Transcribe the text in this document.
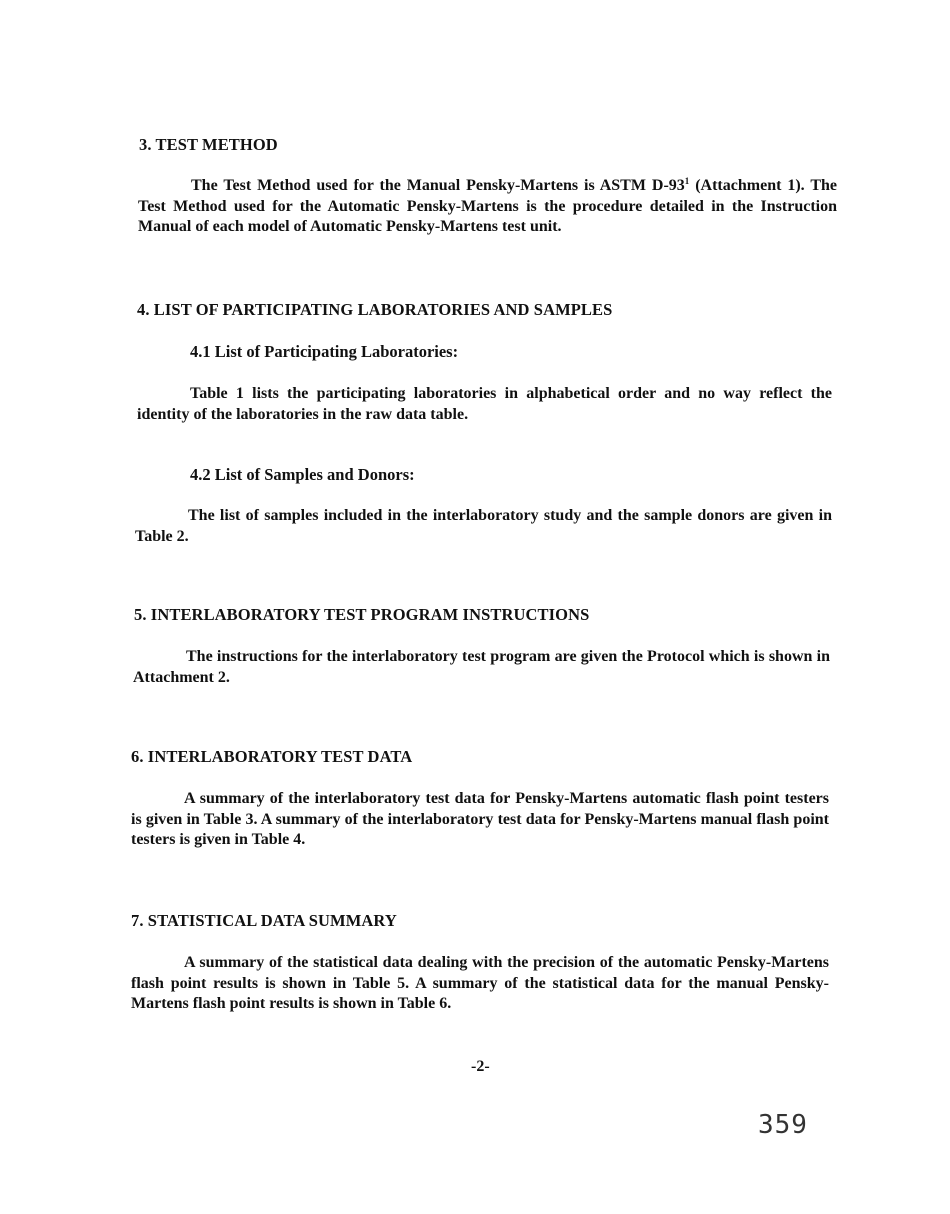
3. TEST METHOD
The Test Method used for the Manual Pensky-Martens is ASTM $D-93^1$ (Attachment 1). The Test Method used for the Automatic Pensky-Martens is the procedure detailed in the Instruction Manual of each model of Automatic Pensky-Martens test unit.
4. LIST OF PARTICIPATING LABORATORIES AND SAMPLES
4.1 List of Participating Laboratories:
Table 1 lists the participating laboratories in alphabetical order and no way reflect the identity of the laboratories in the raw data table.
4.2 List of Samples and Donors:
The list of samples included in the interlaboratory study and the sample donors are given in Table 2.
5. INTERLABORATORY TEST PROGRAM INSTRUCTIONS
The instructions for the interlaboratory test program are given the Protocol which is shown in Attachment 2.
6. INTERLABORATORY TEST DATA
A summary of the interlaboratory test data for Pensky-Martens automatic flash point testers is given in Table 3. A summary of the interlaboratory test data for Pensky-Martens manual flash point testers is given in Table 4.
7. STATISTICAL DATA SUMMARY
A summary of the statistical data dealing with the precision of the automatic Pensky-Martens flash point results is shown in Table 5. A summary of the statistical data for the manual Pensky-Martens flash point results is shown in Table 6.
-2-
359
